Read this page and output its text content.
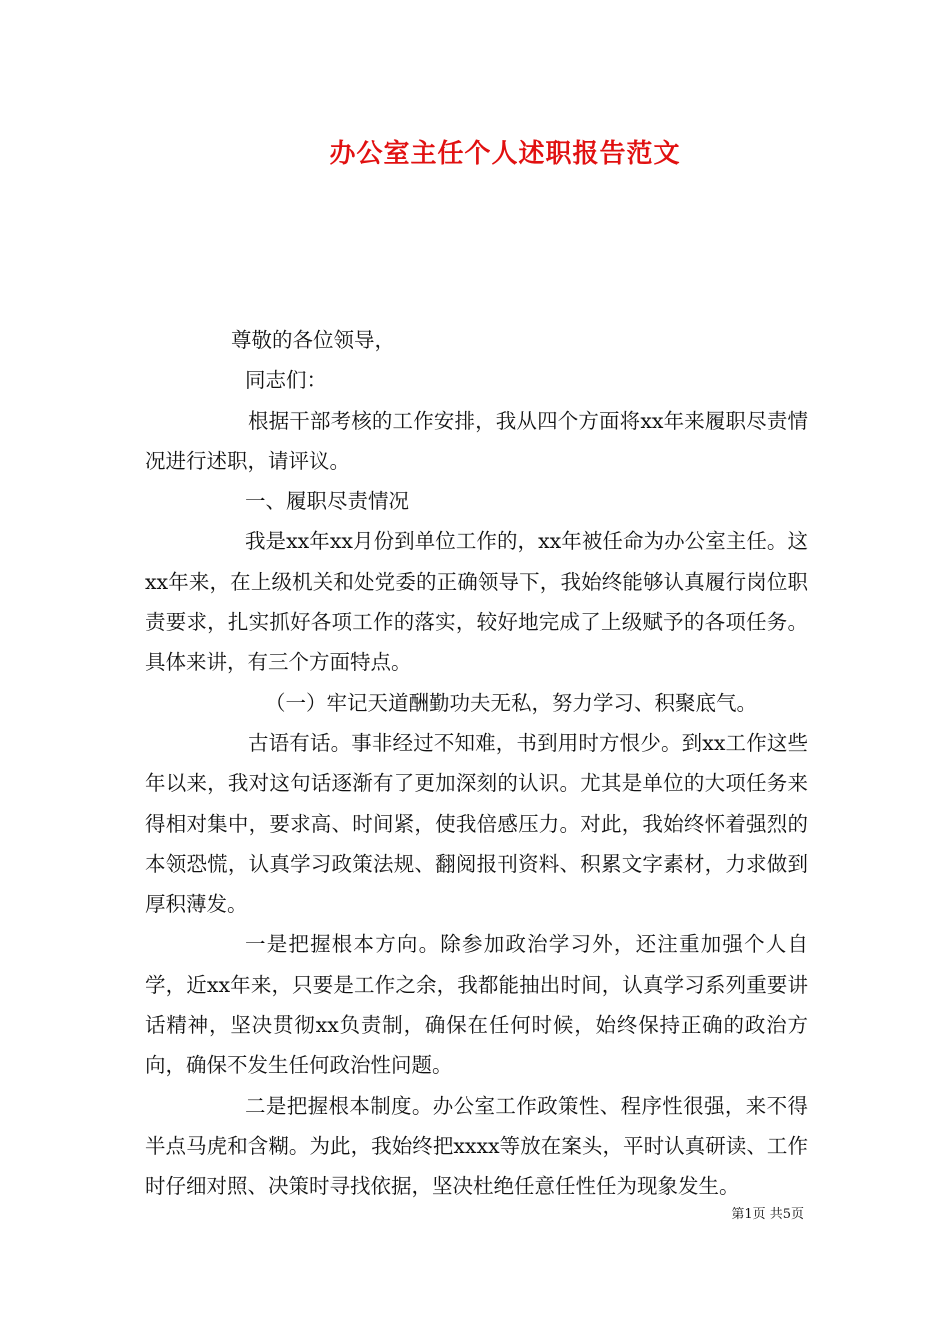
办公室主任个人述职报告范文

尊敬的各位领导，

同志们：

根据干部考核的工作安排，我从四个方面将xx年来履职尽责情况进行述职，请评议。

一、履职尽责情况

我是xx年xx月份到单位工作的，xx年被任命为办公室主任。这xx年来，在上级机关和处党委的正确领导下，我始终能够认真履行岗位职责要求，扎实抓好各项工作的落实，较好地完成了上级赋予的各项任务。具体来讲，有三个方面特点。

（一）牢记天道酬勤功夫无私，努力学习、积聚底气。

古语有话。事非经过不知难，书到用时方恨少。到xx工作这些年以来，我对这句话逐渐有了更加深刻的认识。尤其是单位的大项任务来得相对集中，要求高、时间紧，使我倍感压力。对此，我始终怀着强烈的本领恐慌，认真学习政策法规、翻阅报刊资料、积累文字素材，力求做到厚积薄发。

一是把握根本方向。除参加政治学习外，还注重加强个人自学，近xx年来，只要是工作之余，我都能抽出时间，认真学习系列重要讲话精神，坚决贯彻xx负责制，确保在任何时候，始终保持正确的政治方向，确保不发生任何政治性问题。

二是把握根本制度。办公室工作政策性、程序性很强，来不得半点马虎和含糊。为此，我始终把xxxx等放在案头，平时认真研读、工作时仔细对照、决策时寻找依据，坚决杜绝任意任性任为现象发生。

第1页 共5页
